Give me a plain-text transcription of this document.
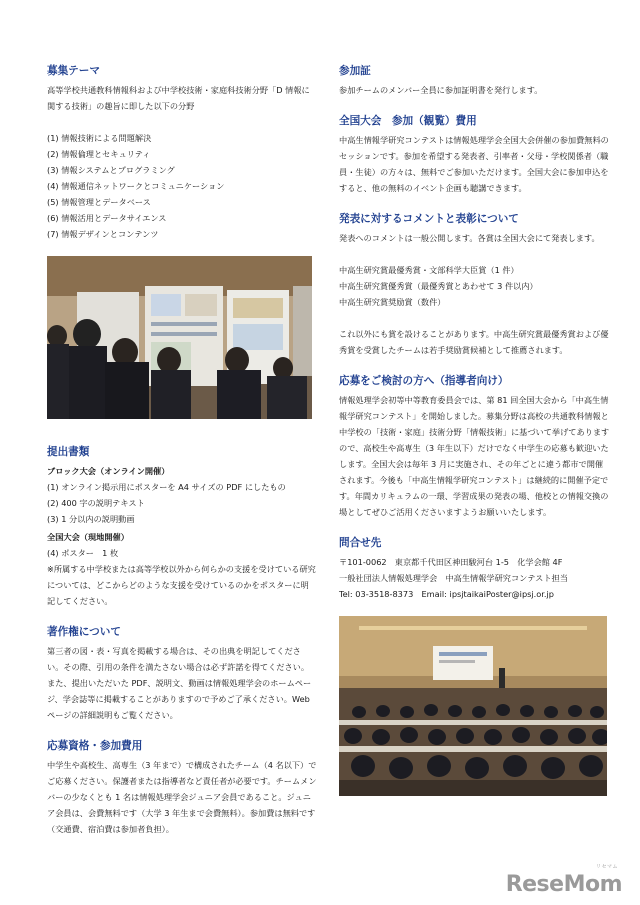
募集テーマ

高等学校共通教科情報科および中学校技術・家庭科技術分野「D 情報に関する技術」の趣旨に即した以下の分野

(1) 情報技術による問題解決
(2) 情報倫理とセキュリティ
(3) 情報システムとプログラミング
(4) 情報通信ネットワークとコミュニケーション
(5) 情報管理とデータベース
(6) 情報活用とデータサイエンス
(7) 情報デザインとコンテンツ
提出書類

ブロック大会（オンライン開催）

(1) オンライン掲示用にポスターを A4 サイズの PDF にしたもの

(2) 400 字の説明テキスト

(3) 1 分以内の説明動画

全国大会（現地開催）

(4) ポスター　1 枚

※所属する中学校または高等学校以外から何らかの支援を受けている研究については、どこからどのような支援を受けているのかをポスターに明記してください。

著作権について

第三者の図・表・写真を掲載する場合は、その出典を明記してください。その際、引用の条件を満たさない場合は必ず許諾を得てください。また、提出いただいた PDF、説明文、動画は情報処理学会のホームページ、学会誌等に掲載することがありますので予めご了承ください。Web ページの詳細説明もご覧ください。

応募資格・参加費用

中学生や高校生、高専生（3 年まで）で構成されたチーム（4 名以下）でご応募ください。保護者または指導者など責任者が必要です。チームメンバーの少なくとも 1 名は情報処理学会ジュニア会員であること。ジュニア会員は、会費無料です（大学 3 年生まで会費無料）。参加費は無料です（交通費、宿泊費は参加者負担）。

参加証

参加チームのメンバー全員に参加証明書を発行します。

全国大会　参加（観覧）費用

中高生情報学研究コンテストは情報処理学会全国大会併催の参加費無料のセッションです。参加を希望する発表者、引率者・父母・学校関係者（職員・生徒）の方々は、無料でご参加いただけます。全国大会に参加申込をすると、他の無料のイベント企画も聴講できます。

発表に対するコメントと表彰について

発表へのコメントは一般公開します。各賞は全国大会にて発表します。

中高生研究賞最優秀賞・文部科学大臣賞（1 件）
中高生研究賞優秀賞（最優秀賞とあわせて 3 件以内）
中高生研究賞奨励賞（数件）

これ以外にも賞を設けることがあります。中高生研究賞最優秀賞および優秀賞を受賞したチームは若手奨励賞候補として推薦されます。

応募をご検討の方へ（指導者向け）

情報処理学会初等中等教育委員会では、第 81 回全国大会から「中高生情報学研究コンテスト」を開始しました。募集分野は高校の共通教科情報と中学校の「技術・家庭」技術分野「情報技術」に基づいて挙げてありますので、高校生や高専生（3 年生以下）だけでなく中学生の応募も歓迎いたします。全国大会は毎年 3 月に実施され、その年ごとに違う都市で開催されます。今後も「中高生情報学研究コンテスト」は継続的に開催予定です。年間カリキュラムの一環、学習成果の発表の場、他校との情報交換の場としてぜひご活用くださいますようお願いいたします。

問合せ先

〒101-0062　東京都千代田区神田駿河台 1-5　化学会館 4F

一般社団法人情報処理学会　中高生情報学研究コンテスト担当

Tel: 03-3518-8373　Email: ipsjtaikaiPoster@ipsj.or.jp

リセマム
ReseMom
